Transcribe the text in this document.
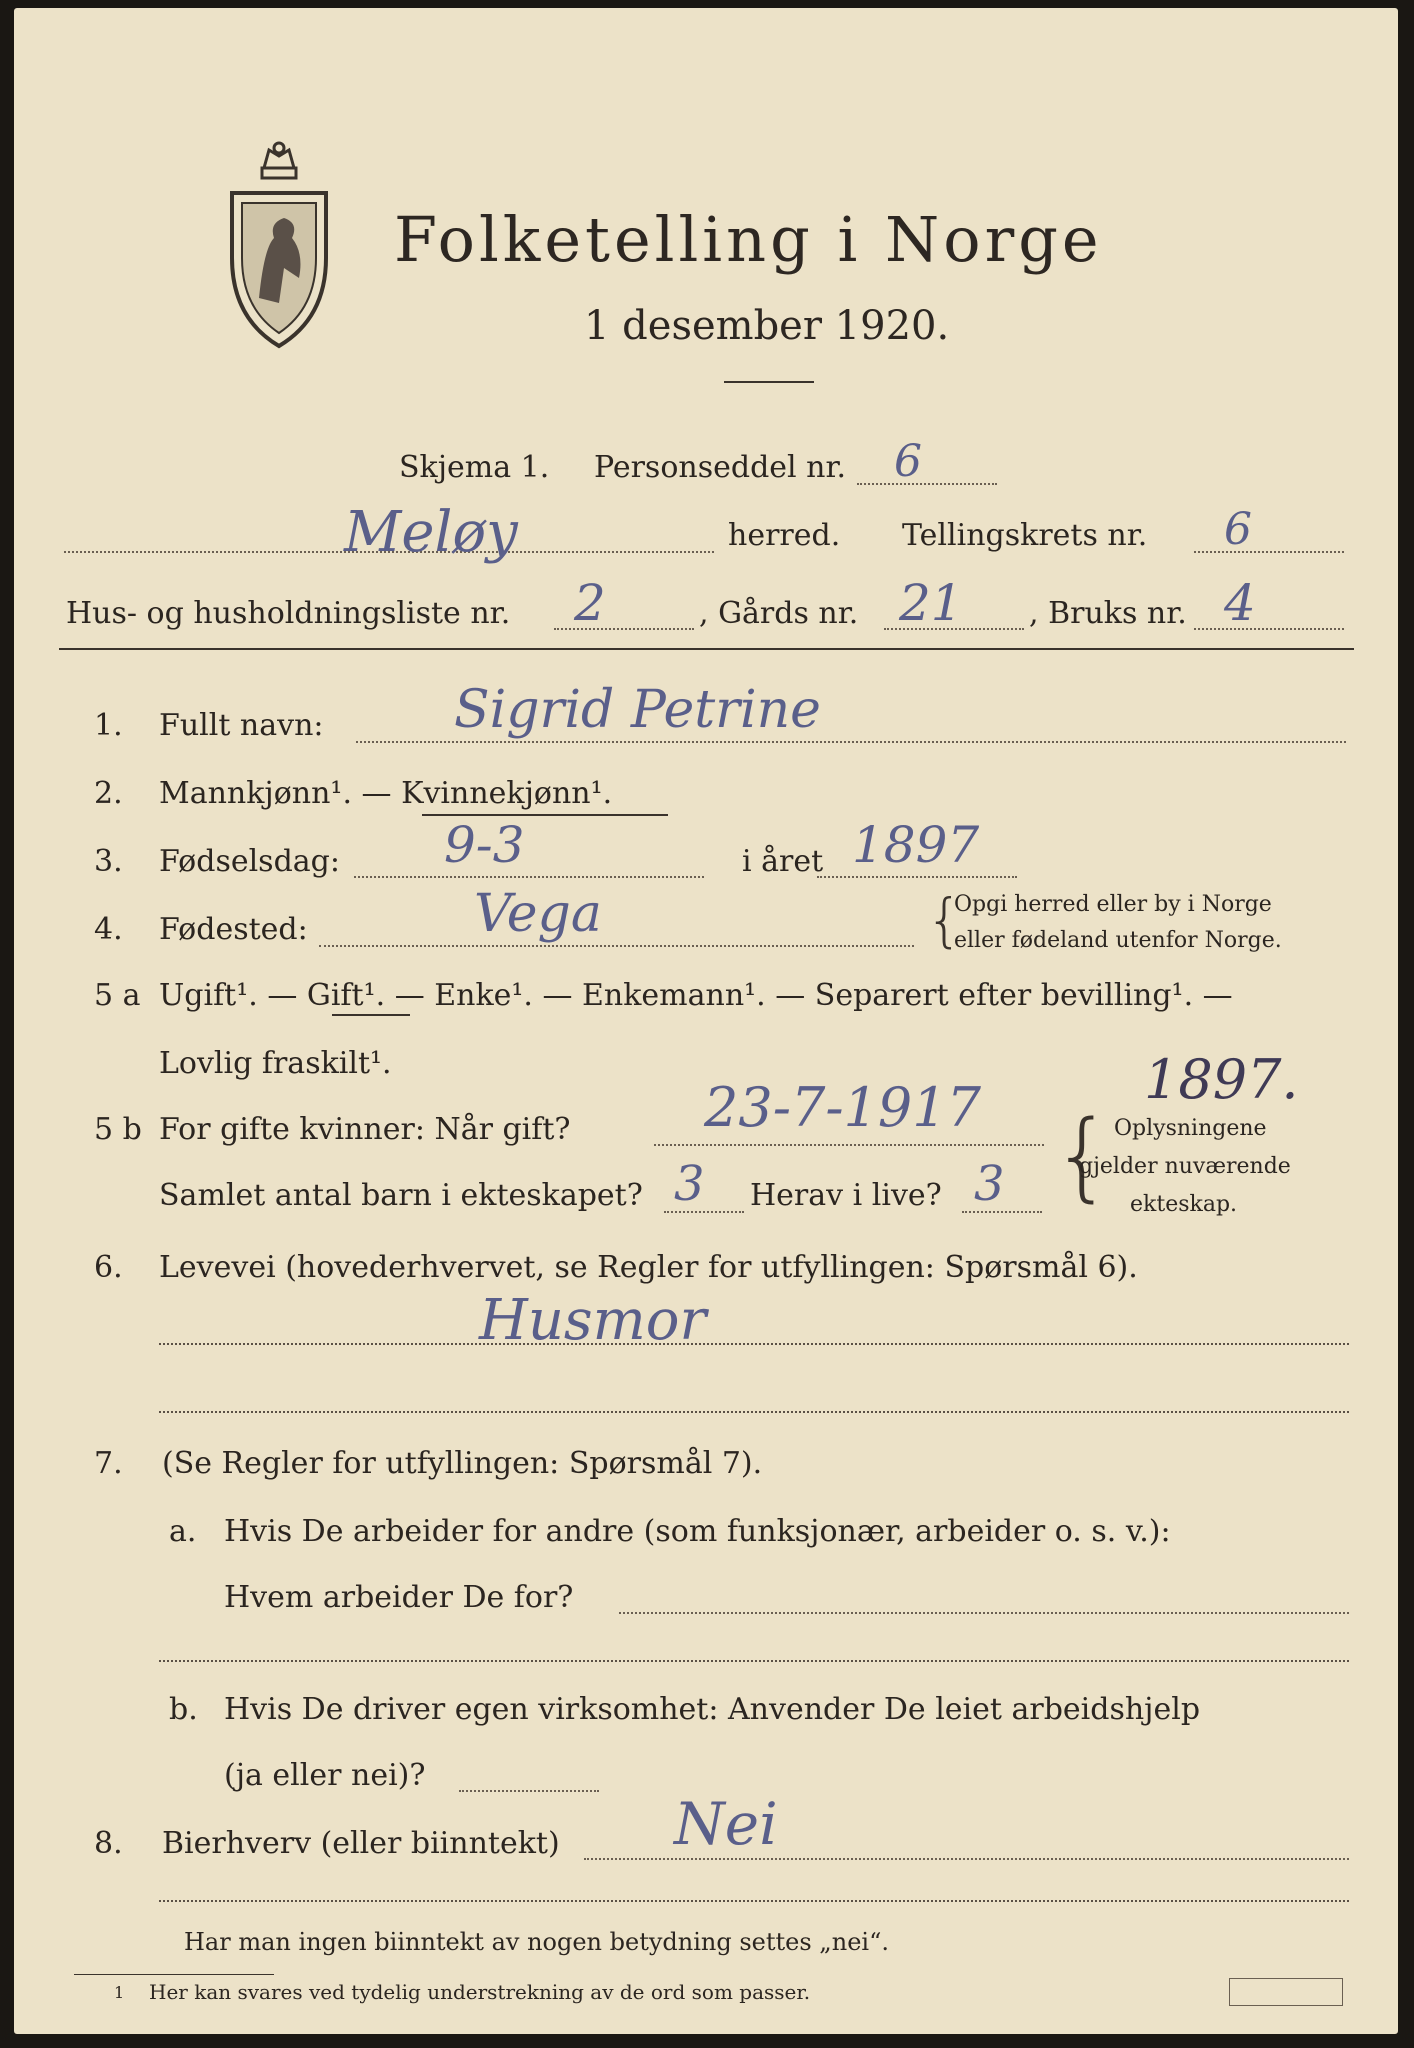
Folketelling i Norge
1 desember 1920.
Skjema 1. Personseddel nr. 6
Meløy	herred. Tellingskrets nr. 6
Hus- og husholdningsliste nr. 2	, Gårds nr. 21 , Bruks nr. 4
1. Fullt navn:	Sigrid Petrine
2. Mannkjønn¹. — Kvinnekjønn¹.
3. Fødselsdag: 9-3	i året 1897
4. Fødested:	Vega	{
Opgi herred eller by i Norge
eller fødeland utenfor Norge.
5 a Ugift¹. — Gift¹. — Enke¹. — Enkemann¹. — Separert efter bevilling¹. —
Lovlig fraskilt¹.
5 b For gifte kvinner: Når gift? 23-7-1917	1897.
Samlet antal barn i ekteskapet? 3 Herav i live? 3 { Oplysningene
gjelder nuværende
ekteskap.
6. Levevei (hovederhvervet, se Regler for utfyllingen: Spørsmål 6).
Husmor
7. (Se Regler for utfyllingen: Spørsmål 7).
a. Hvis De arbeider for andre (som funksjonær, arbeider o. s. v.):
Hvem arbeider De for?
b. Hvis De driver egen virksomhet: Anvender De leiet arbeidshjelp
(ja eller nei)?
8. Bierhverv (eller biinntekt) Nei
Har man ingen biinntekt av nogen betydning settes „nei“.
1 Her kan svares ved tydelig understrekning av de ord som passer.
